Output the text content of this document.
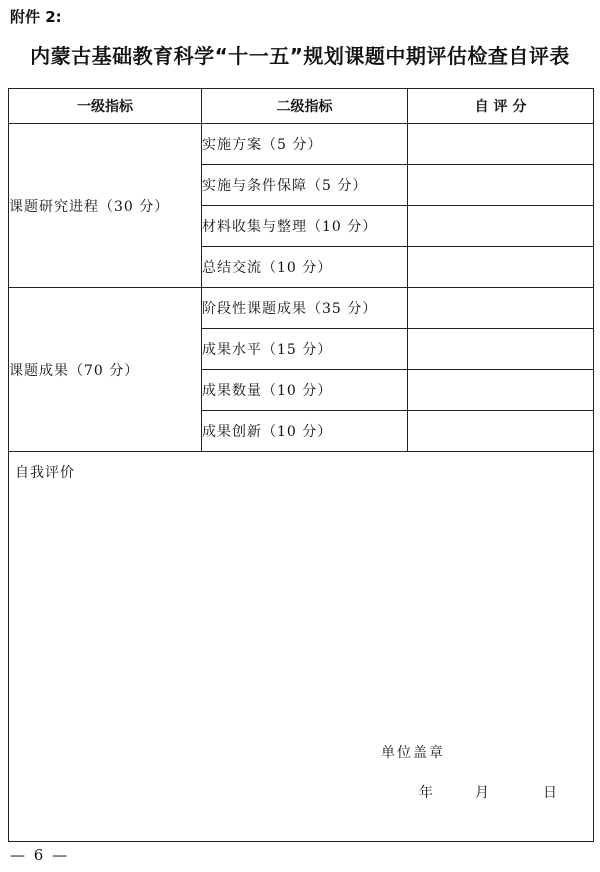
附件 2:
内蒙古基础教育科学“十一五”规划课题中期评估检查自评表
一级指标	二级指标	自 评 分
课题研究进程（30 分）	实施方案（5 分）	
	实施与条件保障（5 分）	
	材料收集与整理（10 分）	
	总结交流（10 分）	
课题成果（70 分）	阶段性课题成果（35 分）	
	成果水平（15 分）	
	成果数量（10 分）	
	成果创新（10 分）	

自我评价
单位盖章
年 月 日		
— 6 —
